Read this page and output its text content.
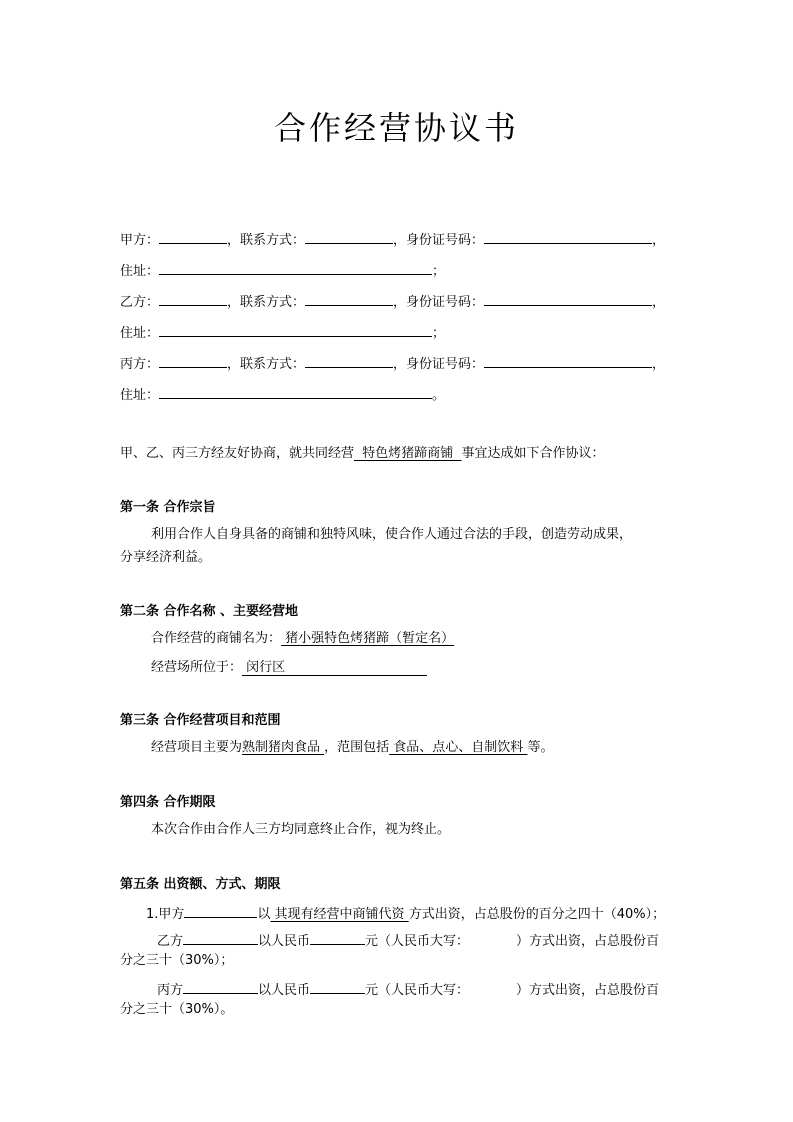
合作经营协议书
甲方：	，联系方式：	，身份证号码：	，
住址：	；
乙方：	，联系方式：	，身份证号码：	，
住址：	；
丙方：	，联系方式：	，身份证号码：	，
住址：	。
甲、乙、丙三方经友好协商，就共同经营  特色烤猪蹄商铺  事宜达成如下合作协议：
第一条 合作宗旨
利用合作人自身具备的商铺和独特风味，使合作人通过合法的手段，创造劳动成果，
分享经济利益。
第二条 合作名称 、主要经营地
合作经营的商铺名为： 猪小强特色烤猪蹄（暂定名）
经营场所位于： 闵行区
第三条 合作经营项目和范围
经营项目主要为熟制猪肉食品 ，范围包括 食品、点心、自制饮料 等。
第四条 合作期限
本次合作由合作人三方均同意终止合作，视为终止。
第五条 出资额、方式、期限
1.甲方	以 其现有经营中商铺代资 方式出资，占总股份的百分之四十（40%）；
乙方	以人民币	元（人民币大写：	）方式出资，占总股份百
分之三十（30%）；
丙方	以人民币	元（人民币大写：	）方式出资，占总股份百
分之三十（30%）。
